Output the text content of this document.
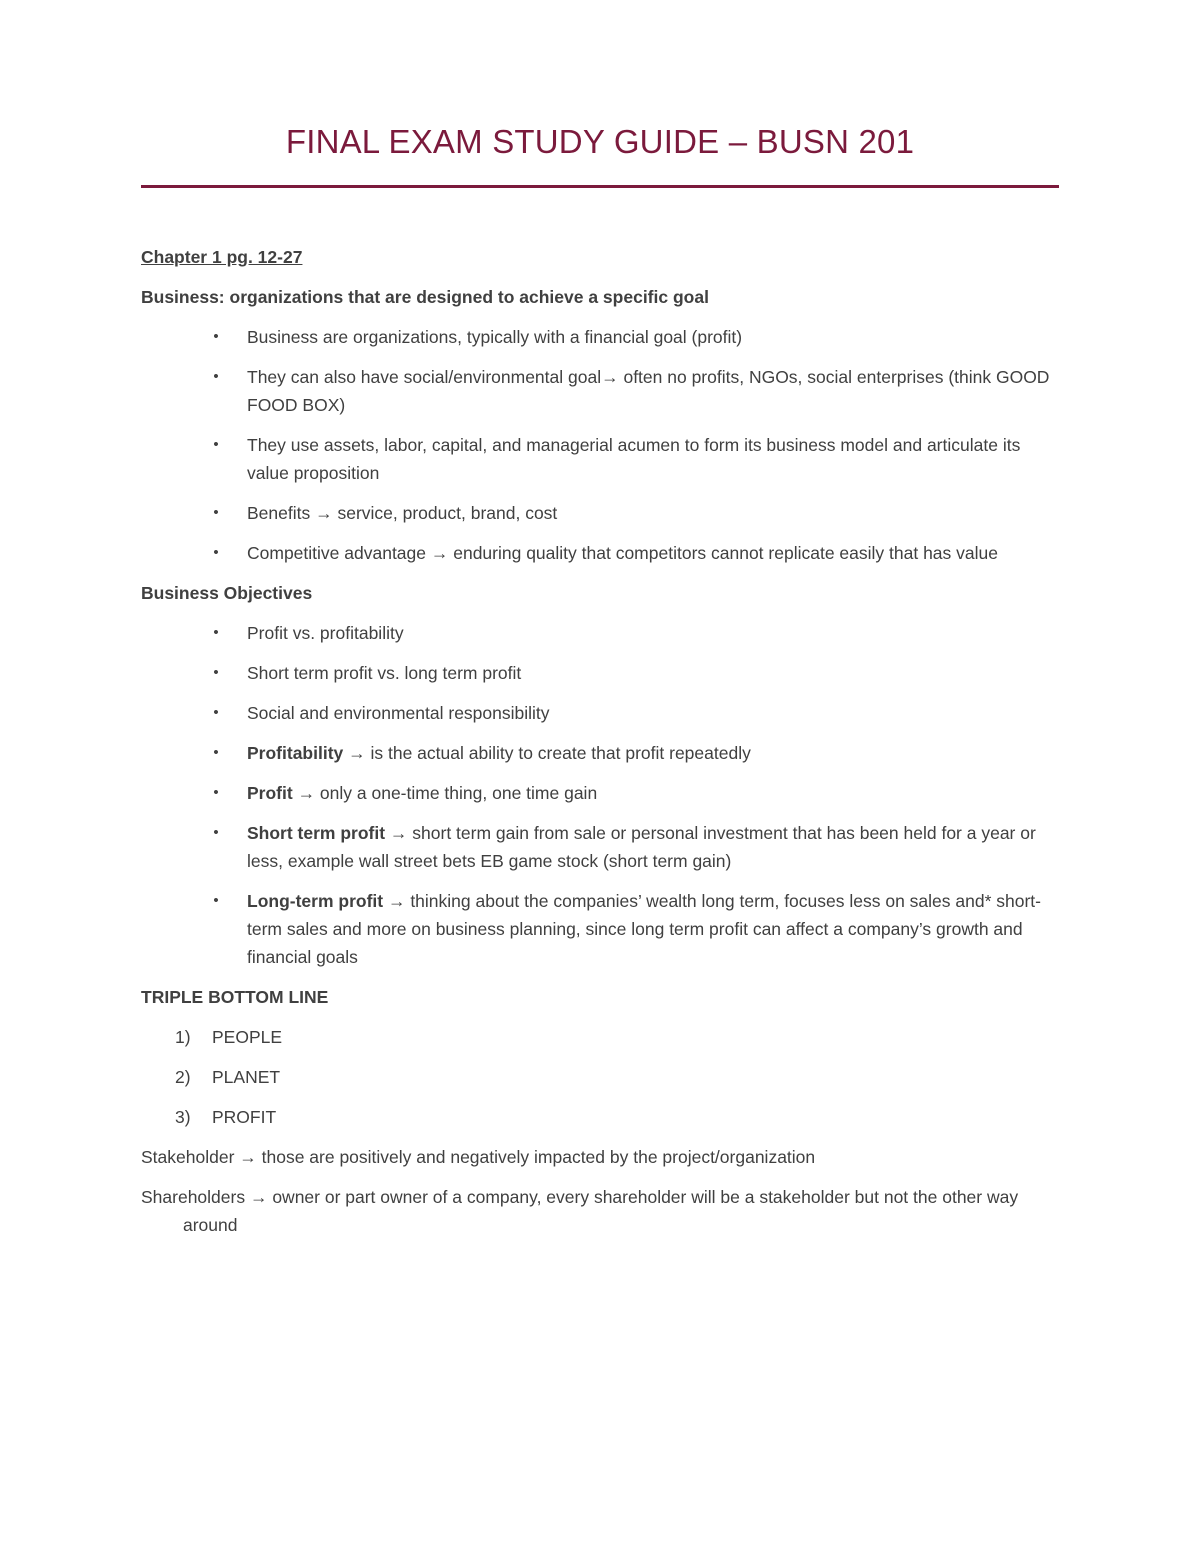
FINAL EXAM STUDY GUIDE – BUSN 201

Chapter 1 pg. 12-27

Business: organizations that are designed to achieve a specific goal

• Business are organizations, typically with a financial goal (profit)
• They can also have social/environmental goal→ often no profits, NGOs, social enterprises (think GOOD FOOD BOX)
• They use assets, labor, capital, and managerial acumen to form its business model and articulate its value proposition
• Benefits → service, product, brand, cost
• Competitive advantage → enduring quality that competitors cannot replicate easily that has value

Business Objectives

• Profit vs. profitability
• Short term profit vs. long term profit
• Social and environmental responsibility
• Profitability → is the actual ability to create that profit repeatedly
• Profit → only a one-time thing, one time gain
• Short term profit → short term gain from sale or personal investment that has been held for a year or less, example wall street bets EB game stock (short term gain)
• Long-term profit → thinking about the companies’ wealth long term, focuses less on sales and* short-term sales and more on business planning, since long term profit can affect a company’s growth and financial goals

TRIPLE BOTTOM LINE

1) PEOPLE
2) PLANET
3) PROFIT

Stakeholder → those are positively and negatively impacted by the project/organization

Shareholders → owner or part owner of a company, every shareholder will be a stakeholder but not the other way around
